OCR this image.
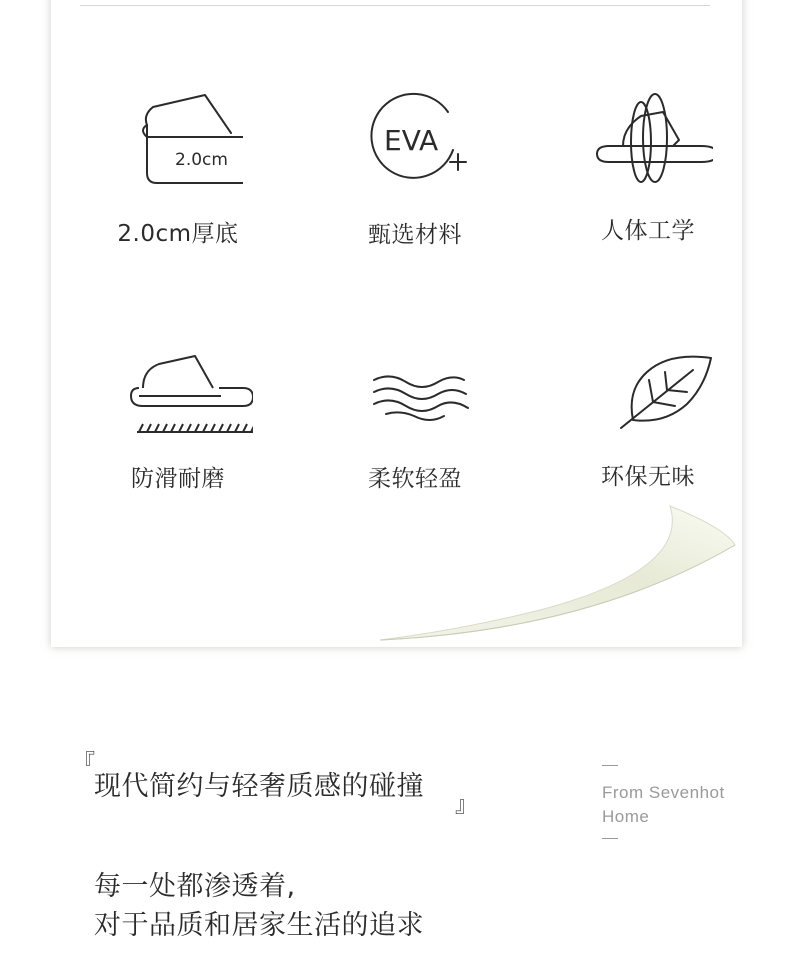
2.0cm
2.0cm厚底
EVA
甄选材料	人体工学
防滑耐磨	柔软轻盈	环保无味
『
现代简约与轻奢质感的碰撞
』
From Sevenhot
Home
每一处都渗透着,
对于品质和居家生活的追求
